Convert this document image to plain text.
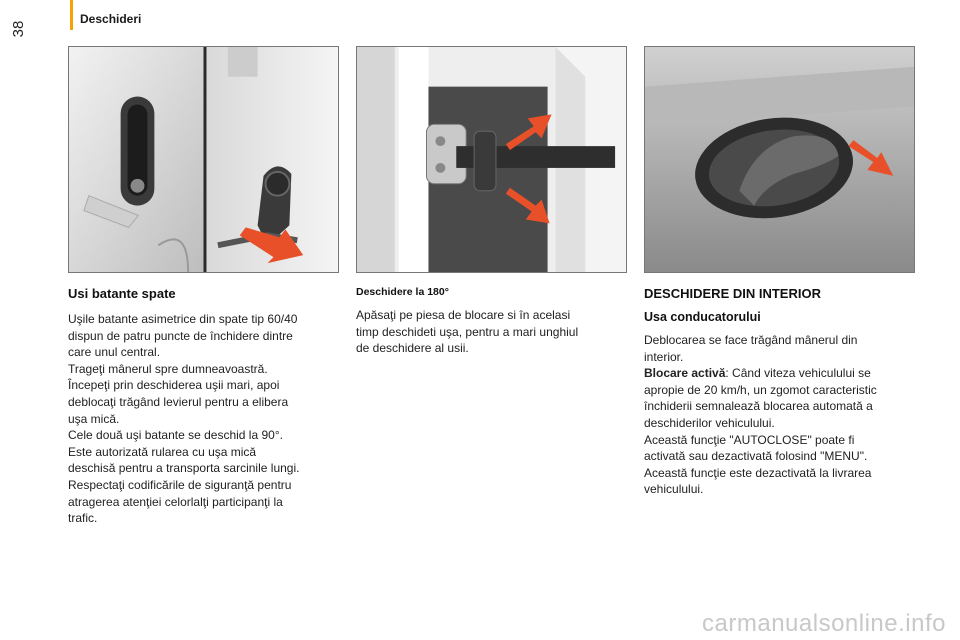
38
Deschideri
Usi batante spate

Uşile batante asimetrice din spate tip 60/40
dispun de patru puncte de închidere dintre
care unul central.
Trageţi mânerul spre dumneavoastră.
Începeţi prin deschiderea uşii mari, apoi
deblocaţi trăgând levierul pentru a elibera
uşa mică.
Cele două uşi batante se deschid la 90°.
Este autorizată rularea cu uşa mică
deschisă pentru a transporta sarcinile lungi.
Respectaţi codificările de siguranţă pentru
atragerea atenţiei celorlalţi participanţi la
trafic.

Deschidere la 180°

Apăsaţi pe piesa de blocare si în acelasi
timp deschideti uşa, pentru a mari unghiul
de deschidere al usii.

DESCHIDERE DIN INTERIOR
Usa conducatorului

Deblocarea se face trăgând mânerul din
interior.
Blocare activă: Când viteza vehiculului se
apropie de 20 km/h, un zgomot caracteristic
închiderii semnalează blocarea automată a
deschiderilor vehiculului.
Această funcţie "AUTOCLOSE" poate fi
activată sau dezactivată folosind "MENU".
Această funcţie este dezactivată la livrarea
vehiculului.

carmanualsonline.info
